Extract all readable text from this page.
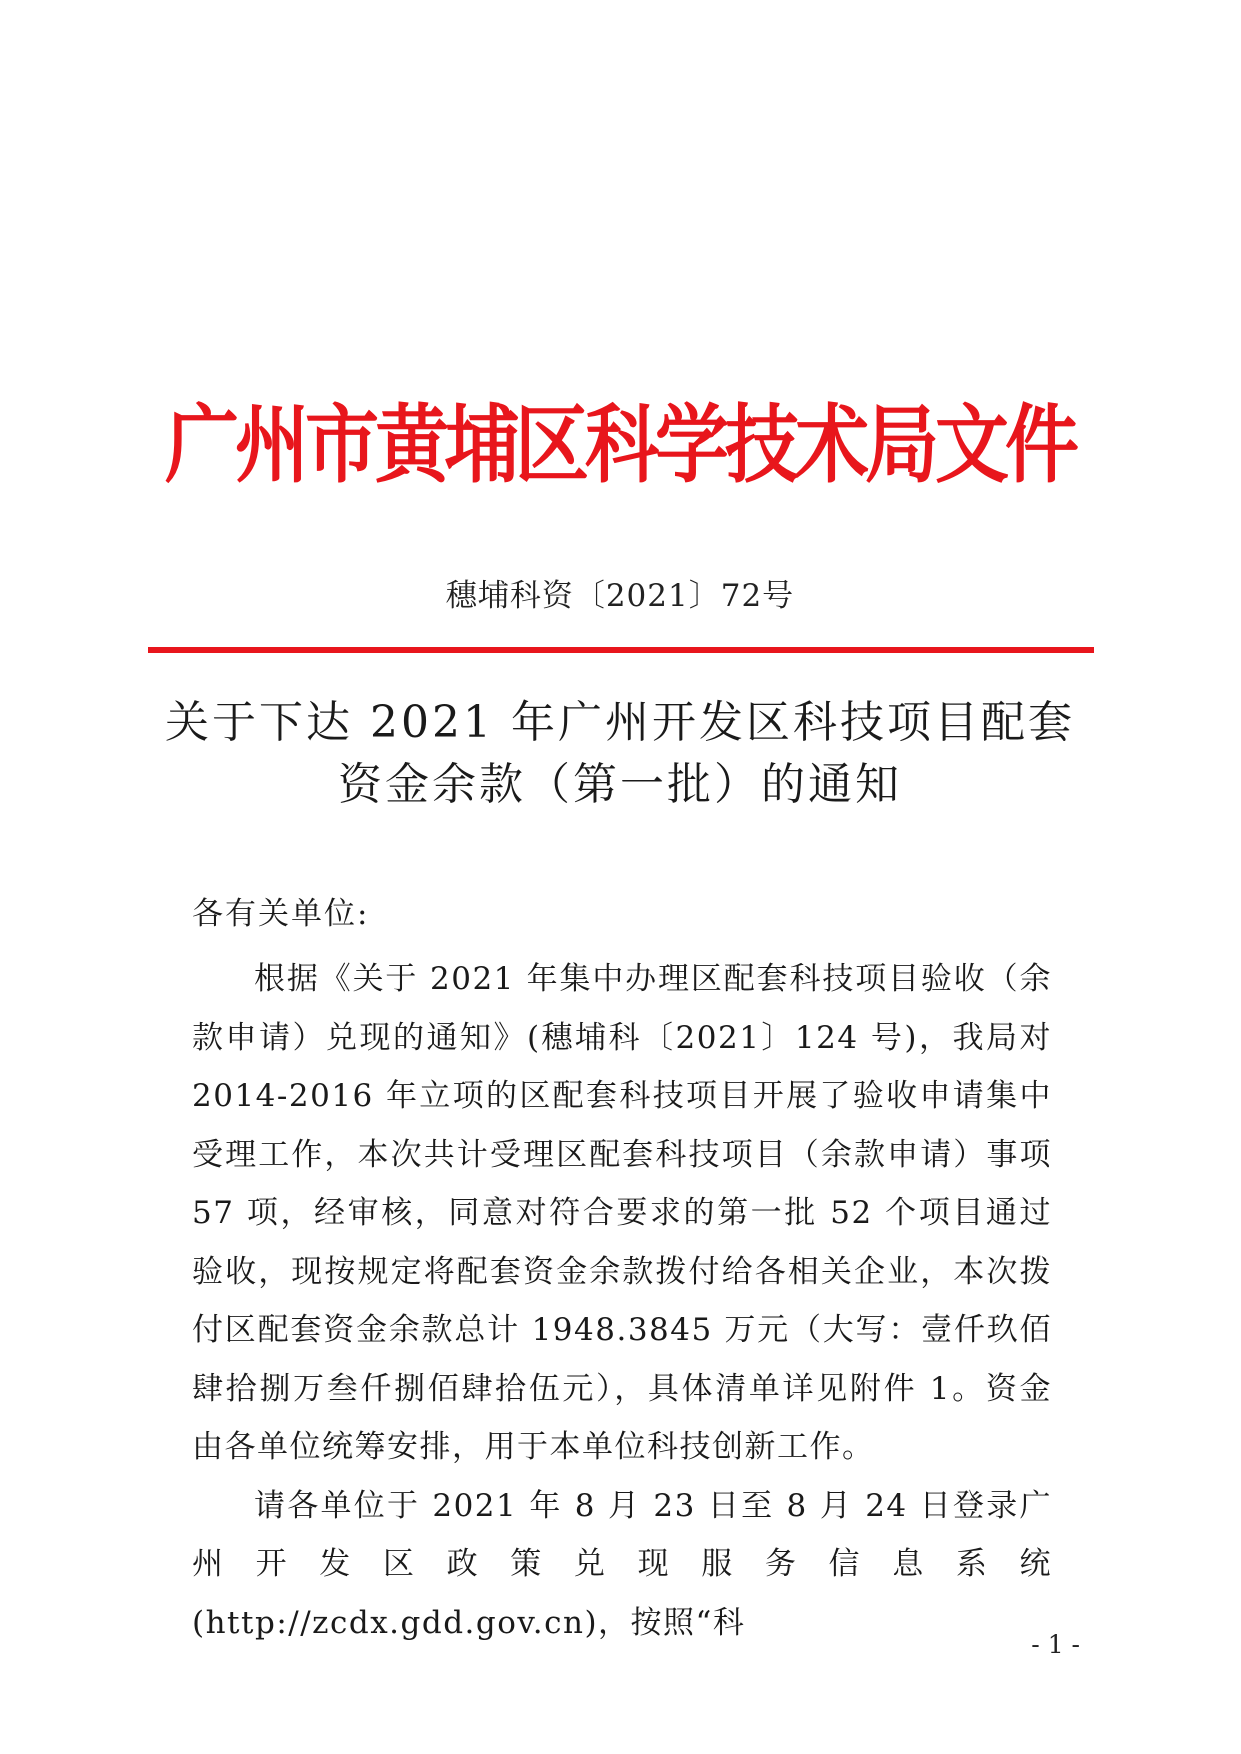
广州市黄埔区科学技术局文件
穗埔科资〔2021〕72号
关于下达 2021 年广州开发区科技项目配套
资金余款（第一批）的通知
各有关单位:

根据《关于 2021 年集中办理区配套科技项目验收（余款申请）兑现的通知》(穗埔科〔2021〕124 号)，我局对 2014-2016 年立项的区配套科技项目开展了验收申请集中受理工作，本次共计受理区配套科技项目（余款申请）事项 57 项，经审核，同意对符合要求的第一批 52 个项目通过验收，现按规定将配套资金余款拨付给各相关企业，本次拨付区配套资金余款总计 1948.3845 万元（大写：壹仟玖佰肆拾捌万叁仟捌佰肆拾伍元），具体清单详见附件 1。资金由各单位统筹安排，用于本单位科技创新工作。

请各单位于 2021 年 8 月 23 日至 8 月 24 日登录广州开发区政策兑现服务信息系统(http://zcdx.gdd.gov.cn)，按照“科

- 1 -
